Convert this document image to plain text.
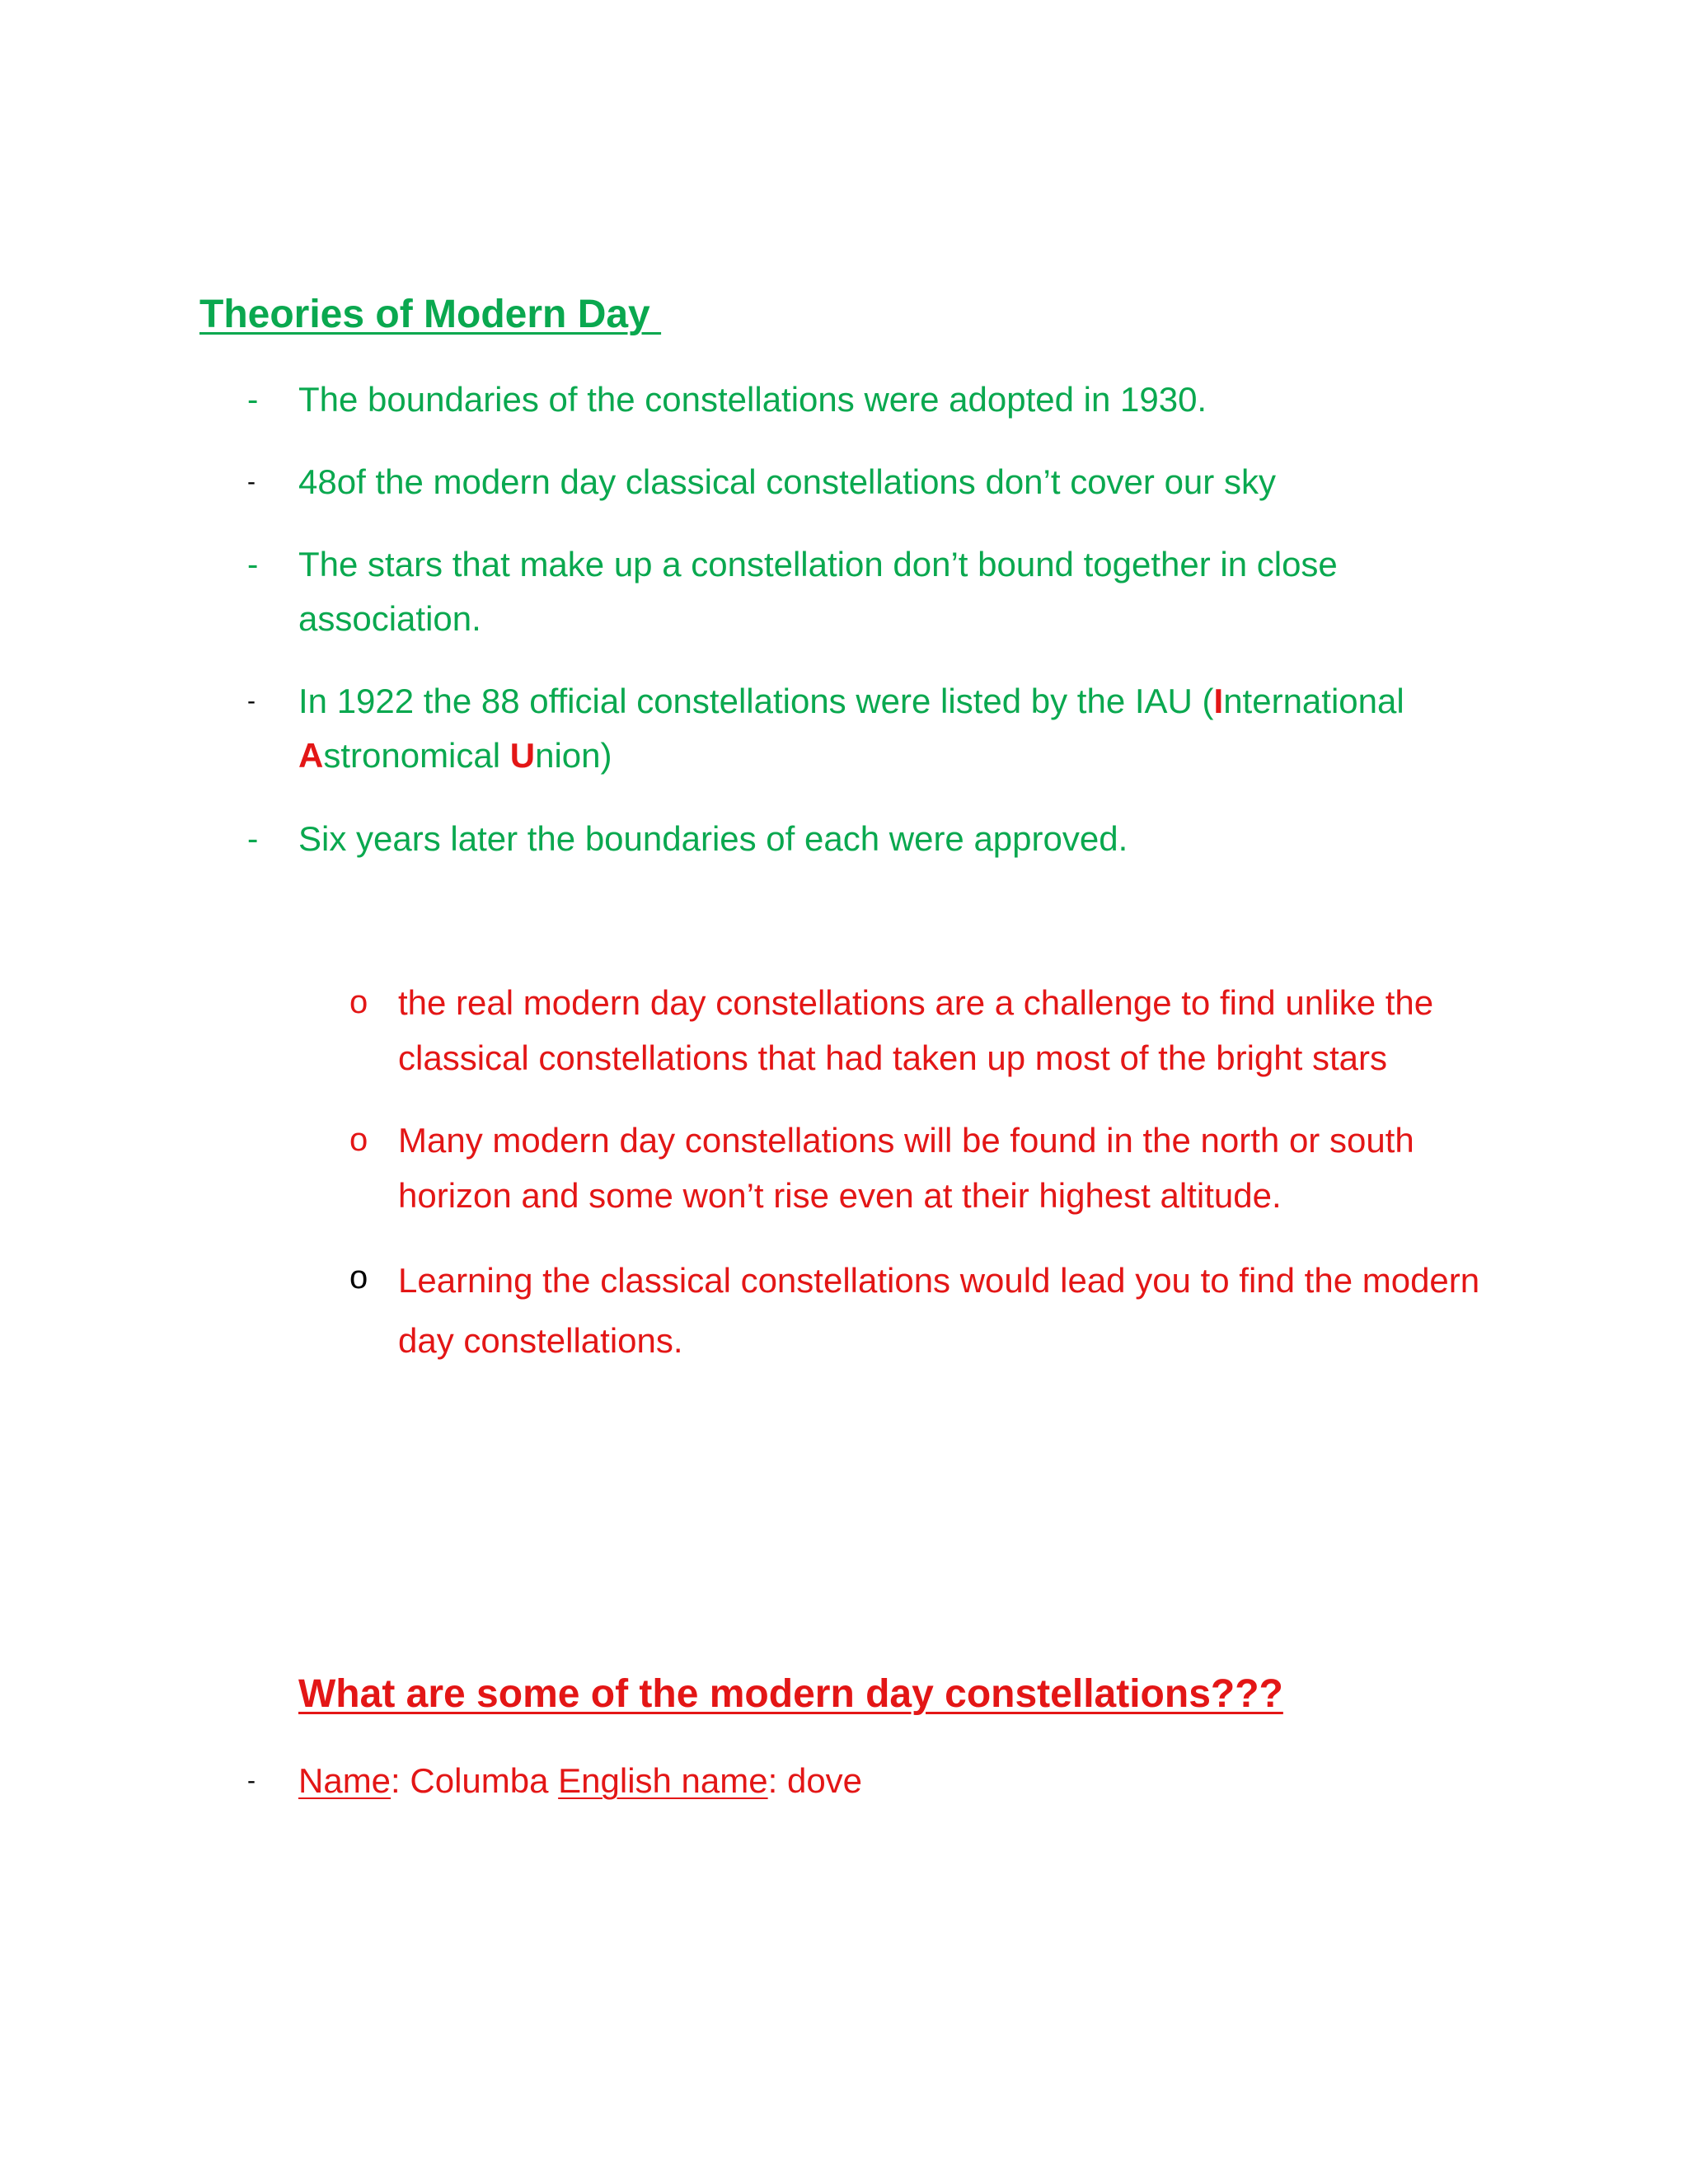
Theories of Modern Day
- The boundaries of the constellations were adopted in 1930.
- 48of the modern day classical constellations don’t cover our sky
- The stars that make up a constellation don’t bound together in close association.
- In 1922 the 88 official constellations were listed by the IAU (International Astronomical Union)
- Six years later the boundaries of each were approved.
o the real modern day constellations are a challenge to find unlike the classical constellations that had taken up most of the bright stars
o Many modern day constellations will be found in the north or south horizon and some won’t rise even at their highest altitude.
o Learning the classical constellations would lead you to find the modern day constellations.
What are some of the modern day constellations???
- Name: Columba English name: dove
